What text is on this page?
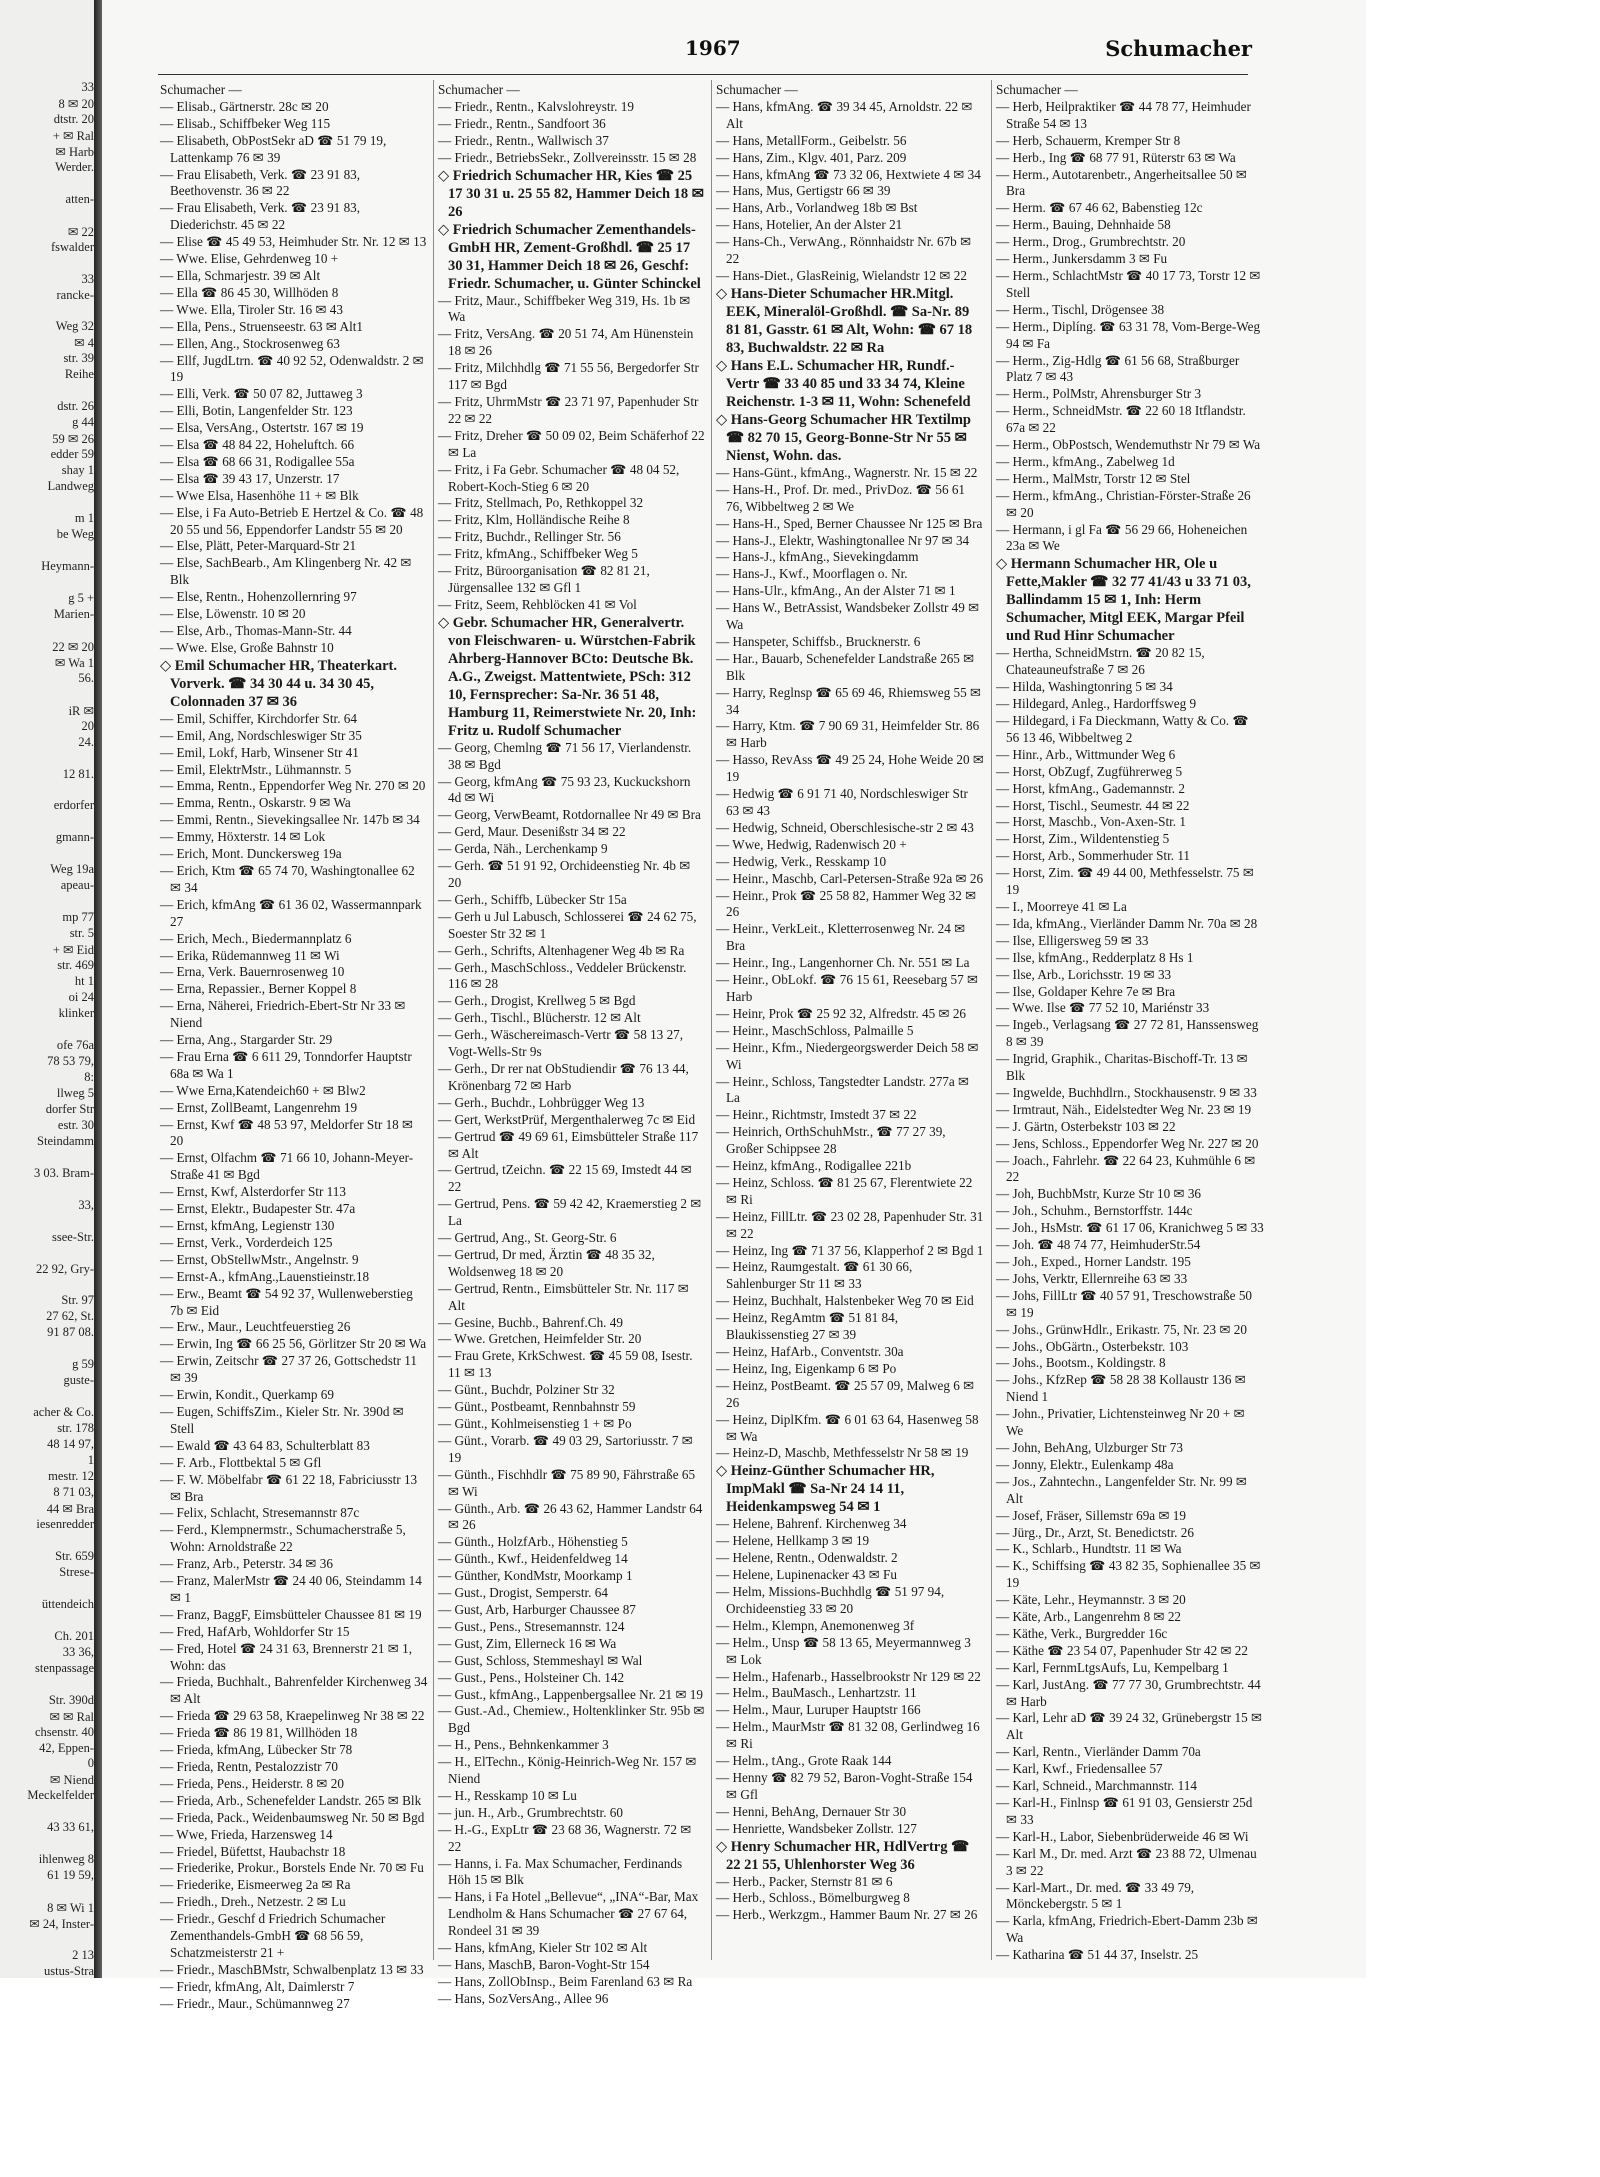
33
8 ✉ 20
dtstr. 20
+ ✉ Ral
✉ Harb
Werder.
atten-
✉ 22
fswalder
33
rancke-
Weg 32
✉ 4
str. 39
Reihe
dstr. 26
g 44
59 ✉ 26
edder 59
shay 1
Landweg
m 1
be Weg
Heymann-
g 5 +
Marien-
22 ✉ 20
✉ Wa 1
56.
iR ✉
20
24.
12 81.
erdorfer
gmann-
Weg 19a
apeau-
mp 77
str. 5
+ ✉ Eid
str. 469
ht 1
oi 24
klinker
ofe 76a
78 53 79,
8:
llweg 5
dorfer Str
estr. 30
Steindamm
3 03. Bram-
33,
ssee-Str.
22 92, Gry-
Str. 97
27 62, St.
91 87 08.
g 59
guste-
acher & Co.
str. 178
48 14 97,
1
mestr. 12
8 71 03,
44 ✉ Bra
iesenredder
Str. 659
Strese-
üttendeich
Ch. 201
33 36,
stenpassage
Str. 390d
✉ ✉ Ral
chsenstr. 40
42, Eppen-
0
✉ Niend
Meckelfelder
43 33 61,
ihlenweg 8
61 19 59,
8 ✉ Wi 1
✉ 24, Inster-
2 13
ustus-Stra
1967	Schumacher

Schumacher —

— Elisab., Gärtnerstr. 28c ✉ 20

— Elisab., Schiffbeker Weg 115

— Elisabeth, ObPostSekr aD ☎ 51 79 19, Lattenkamp 76 ✉ 39

— Frau Elisabeth, Verk. ☎ 23 91 83, Beethovenstr. 36 ✉ 22

— Frau Elisabeth, Verk. ☎ 23 91 83, Diederichstr. 45 ✉ 22

— Elise ☎ 45 49 53, Heimhuder Str. Nr. 12 ✉ 13

— Wwe. Elise, Gehrdenweg 10 +

— Ella, Schmarjestr. 39 ✉ Alt

— Ella ☎ 86 45 30, Willhöden 8

— Wwe. Ella, Tiroler Str. 16 ✉ 43

— Ella, Pens., Struenseestr. 63 ✉ Alt1

— Ellen, Ang., Stockrosenweg 63

— Ellf, JugdLtrn. ☎ 40 92 52, Odenwaldstr. 2 ✉ 19

— Elli, Verk. ☎ 50 07 82, Juttaweg 3

— Elli, Botin, Langenfelder Str. 123

— Elsa, VersAng., Ostertstr. 167 ✉ 19

— Elsa ☎ 48 84 22, Hoheluftch. 66

— Elsa ☎ 68 66 31, Rodigallee 55a

— Elsa ☎ 39 43 17, Unzerstr. 17

— Wwe Elsa, Hasenhöhe 11 + ✉ Blk

— Else, i Fa Auto-Betrieb E Hertzel & Co. ☎ 48 20 55 und 56, Eppendorfer Landstr 55 ✉ 20

— Else, Plätt, Peter-Marquard-Str 21

— Else, SachBearb., Am Klingenberg Nr. 42 ✉ Blk

— Else, Rentn., Hohenzollernring 97

— Else, Löwenstr. 10 ✉ 20

— Else, Arb., Thomas-Mann-Str. 44

— Wwe. Else, Große Bahnstr 10

◇ Emil Schumacher HR, Theaterkart. Vorverk. ☎ 34 30 44 u. 34 30 45, Colonnaden 37 ✉ 36

— Emil, Schiffer, Kirchdorfer Str. 64

— Emil, Ang, Nordschleswiger Str 35

— Emil, Lokf, Harb, Winsener Str 41

— Emil, ElektrMstr., Lühmannstr. 5

— Emma, Rentn., Eppendorfer Weg Nr. 270 ✉ 20

— Emma, Rentn., Oskarstr. 9 ✉ Wa

— Emmi, Rentn., Sievekingsallee Nr. 147b ✉ 34

— Emmy, Höxterstr. 14 ✉ Lok

— Erich, Mont. Dunckersweg 19a

— Erich, Ktm ☎ 65 74 70, Washingtonallee 62 ✉ 34

— Erich, kfmAng ☎ 61 36 02, Wassermannpark 27

— Erich, Mech., Biedermannplatz 6

— Erika, Rüdemannweg 11 ✉ Wi

— Erna, Verk. Bauernrosenweg 10

— Erna, Repassier., Berner Koppel 8

— Erna, Näherei, Friedrich-Ebert-Str Nr 33 ✉ Niend

— Erna, Ang., Stargarder Str. 29

— Frau Erna ☎ 6 611 29, Tonndorfer Hauptstr 68a ✉ Wa 1

— Wwe Erna,Katendeich60 + ✉ Blw2

— Ernst, ZollBeamt, Langenrehm 19

— Ernst, Kwf ☎ 48 53 97, Meldorfer Str 18 ✉ 20

— Ernst, Olfachm ☎ 71 66 10, Johann-Meyer-Straße 41 ✉ Bgd

— Ernst, Kwf, Alsterdorfer Str 113

— Ernst, Elektr., Budapester Str. 47a

— Ernst, kfmAng, Legienstr 130

— Ernst, Verk., Vorderdeich 125

— Ernst, ObStellwMstr., Angelnstr. 9

— Ernst-A., kfmAng.,Lauenstieinstr.18

— Erw., Beamt ☎ 54 92 37, Wullenweberstieg 7b ✉ Eid

— Erw., Maur., Leuchtfeuerstieg 26

— Erwin, Ing ☎ 66 25 56, Görlitzer Str 20 ✉ Wa

— Erwin, Zeitschr ☎ 27 37 26, Gottschedstr 11 ✉ 39

— Erwin, Kondit., Querkamp 69

— Eugen, SchiffsZim., Kieler Str. Nr. 390d ✉ Stell

— Ewald ☎ 43 64 83, Schulterblatt 83

— F. Arb., Flottbektal 5 ✉ Gfl

— F. W. Möbelfabr ☎ 61 22 18, Fabriciusstr 13 ✉ Bra

— Felix, Schlacht, Stresemannstr 87c

— Ferd., Klempnermstr., Schumacherstraße 5, Wohn: Arnoldstraße 22

— Franz, Arb., Peterstr. 34 ✉ 36

— Franz, MalerMstr ☎ 24 40 06, Steindamm 14 ✉ 1

— Franz, BaggF, Eimsbütteler Chaussee 81 ✉ 19

— Fred, HafArb, Wohldorfer Str 15

— Fred, Hotel ☎ 24 31 63, Brennerstr 21 ✉ 1, Wohn: das

— Frieda, Buchhalt., Bahrenfelder Kirchenweg 34 ✉ Alt

— Frieda ☎ 29 63 58, Kraepelinweg Nr 38 ✉ 22

— Frieda ☎ 86 19 81, Willhöden 18

— Frieda, kfmAng, Lübecker Str 78

— Frieda, Rentn, Pestalozzistr 70

— Frieda, Pens., Heiderstr. 8 ✉ 20

— Frieda, Arb., Schenefelder Landstr. 265 ✉ Blk

— Frieda, Pack., Weidenbaumsweg Nr. 50 ✉ Bgd

— Wwe, Frieda, Harzensweg 14

— Friedel, Büfettst, Haubachstr 18

— Friederike, Prokur., Borstels Ende Nr. 70 ✉ Fu

— Friederike, Eismeerweg 2a ✉ Ra

— Friedh., Dreh., Netzestr. 2 ✉ Lu

— Friedr., Geschf d Friedrich Schumacher Zementhandels-GmbH ☎ 68 56 59, Schatzmeisterstr 21 +

— Friedr., MaschBMstr, Schwalbenplatz 13 ✉ 33

— Friedr, kfmAng, Alt, Daimlerstr 7

— Friedr., Maur., Schümannweg 27

Schumacher —

— Friedr., Rentn., Kalvslohreystr. 19

— Friedr., Rentn., Sandfoort 36

— Friedr., Rentn., Wallwisch 37

— Friedr., BetriebsSekr., Zollvereinsstr. 15 ✉ 28

◇ Friedrich Schumacher HR, Kies ☎ 25 17 30 31 u. 25 55 82, Hammer Deich 18 ✉ 26

◇ Friedrich Schumacher Zementhandels- GmbH HR, Zement-Großhdl. ☎ 25 17 30 31, Hammer Deich 18 ✉ 26, Geschf: Friedr. Schumacher, u. Günter Schinckel

— Fritz, Maur., Schiffbeker Weg 319, Hs. 1b ✉ Wa

— Fritz, VersAng. ☎ 20 51 74, Am Hünenstein 18 ✉ 26

— Fritz, Milchhdlg ☎ 71 55 56, Bergedorfer Str 117 ✉ Bgd

— Fritz, UhrmMstr ☎ 23 71 97, Papenhuder Str 22 ✉ 22

— Fritz, Dreher ☎ 50 09 02, Beim Schäferhof 22 ✉ La

— Fritz, i Fa Gebr. Schumacher ☎ 48 04 52, Robert-Koch-Stieg 6 ✉ 20

— Fritz, Stellmach, Po, Rethkoppel 32

— Fritz, Klm, Holländische Reihe 8

— Fritz, Buchdr., Rellinger Str. 56

— Fritz, kfmAng., Schiffbeker Weg 5

— Fritz, Büroorganisation ☎ 82 81 21, Jürgensallee 132 ✉ Gfl 1

— Fritz, Seem, Rehblöcken 41 ✉ Vol

◇ Gebr. Schumacher HR, Generalvertr. von Fleischwaren- u. Würstchen-Fabrik Ahrberg-Hannover BCto: Deutsche Bk. A.G., Zweigst. Mattentwiete, PSch: 312 10, Fernsprecher: Sa-Nr. 36 51 48, Hamburg 11, Reimerstwiete Nr. 20, Inh: Fritz u. Rudolf Schumacher

— Georg, Chemlng ☎ 71 56 17, Vierlandenstr. 38 ✉ Bgd

— Georg, kfmAng ☎ 75 93 23, Kuckuckshorn 4d ✉ Wi

— Georg, VerwBeamt, Rotdornallee Nr 49 ✉ Bra

— Gerd, Maur. Desenißstr 34 ✉ 22

— Gerda, Näh., Lerchenkamp 9

— Gerh. ☎ 51 91 92, Orchideenstieg Nr. 4b ✉ 20

— Gerh., Schiffb, Lübecker Str 15a

— Gerh u Jul Labusch, Schlosserei ☎ 24 62 75, Soester Str 32 ✉ 1

— Gerh., Schrifts, Altenhagener Weg 4b ✉ Ra

— Gerh., MaschSchloss., Veddeler Brückenstr. 116 ✉ 28

— Gerh., Drogist, Krellweg 5 ✉ Bgd

— Gerh., Tischl., Blücherstr. 12 ✉ Alt

— Gerh., Wäschereimasch-Vertr ☎ 58 13 27, Vogt-Wells-Str 9s

— Gerh., Dr rer nat ObStudiendir ☎ 76 13 44, Krönenbarg 72 ✉ Harb

— Gerh., Buchdr., Lohbrügger Weg 13

— Gert, WerkstPrüf, Mergenthalerweg 7c ✉ Eid

— Gertrud ☎ 49 69 61, Eimsbütteler Straße 117 ✉ Alt

— Gertrud, tZeichn. ☎ 22 15 69, Imstedt 44 ✉ 22

— Gertrud, Pens. ☎ 59 42 42, Kraemerstieg 2 ✉ La

— Gertrud, Ang., St. Georg-Str. 6

— Gertrud, Dr med, Ärztin ☎ 48 35 32, Woldsenweg 18 ✉ 20

— Gertrud, Rentn., Eimsbütteler Str. Nr. 117 ✉ Alt

— Gesine, Buchb., Bahrenf.Ch. 49

— Wwe. Gretchen, Heimfelder Str. 20

— Frau Grete, KrkSchwest. ☎ 45 59 08, Isestr. 11 ✉ 13

— Günt., Buchdr, Polziner Str 32

— Günt., Postbeamt, Rennbahnstr 59

— Günt., Kohlmeisenstieg 1 + ✉ Po

— Günt., Vorarb. ☎ 49 03 29, Sartoriusstr. 7 ✉ 19

— Günth., Fischhdlr ☎ 75 89 90, Fährstraße 65 ✉ Wi

— Günth., Arb. ☎ 26 43 62, Hammer Landstr 64 ✉ 26

— Günth., HolzfArb., Höhenstieg 5

— Günth., Kwf., Heidenfeldweg 14

— Günther, KondMstr, Moorkamp 1

— Gust., Drogist, Semperstr. 64

— Gust, Arb, Harburger Chaussee 87

— Gust., Pens., Stresemannstr. 124

— Gust, Zim, Ellerneck 16 ✉ Wa

— Gust, Schloss, Stemmeshayl ✉ Wal

— Gust., Pens., Holsteiner Ch. 142

— Gust., kfmAng., Lappenbergsallee Nr. 21 ✉ 19

— Gust.-Ad., Chemiew., Holtenklinker Str. 95b ✉ Bgd

— H., Pens., Behnkenkammer 3

— H., ElTechn., König-Heinrich-Weg Nr. 157 ✉ Niend

— H., Resskamp 10 ✉ Lu

— jun. H., Arb., Grumbrechtstr. 60

— H.-G., ExpLtr ☎ 23 68 36, Wagnerstr. 72 ✉ 22

— Hanns, i. Fa. Max Schumacher, Ferdinands Höh 15 ✉ Blk

— Hans, i Fa Hotel „Bellevue“, „INA“-Bar, Max Lendholm & Hans Schumacher ☎ 27 67 64, Rondeel 31 ✉ 39

— Hans, kfmAng, Kieler Str 102 ✉ Alt

— Hans, MaschB, Baron-Voght-Str 154

— Hans, ZollObInsp., Beim Farenland 63 ✉ Ra

— Hans, SozVersAng., Allee 96

Schumacher —

— Hans, kfmAng. ☎ 39 34 45, Arnoldstr. 22 ✉ Alt

— Hans, MetallForm., Geibelstr. 56

— Hans, Zim., Klgv. 401, Parz. 209

— Hans, kfmAng ☎ 73 32 06, Hextwiete 4 ✉ 34

— Hans, Mus, Gertigstr 66 ✉ 39

— Hans, Arb., Vorlandweg 18b ✉ Bst

— Hans, Hotelier, An der Alster 21

— Hans-Ch., VerwAng., Rönnhaidstr Nr. 67b ✉ 22

— Hans-Diet., GlasReinig, Wielandstr 12 ✉ 22

◇ Hans-Dieter Schumacher HR.Mitgl. EEK, Mineralöl-Großhdl. ☎ Sa-Nr. 89 81 81, Gasstr. 61 ✉ Alt, Wohn: ☎ 67 18 83, Buchwaldstr. 22 ✉ Ra

◇ Hans E.L. Schumacher HR, Rundf.-Vertr ☎ 33 40 85 und 33 34 74, Kleine Reichenstr. 1-3 ✉ 11, Wohn: Schenefeld

◇ Hans-Georg Schumacher HR Textilmp ☎ 82 70 15, Georg-Bonne-Str Nr 55 ✉ Nienst, Wohn. das.

— Hans-Günt., kfmAng., Wagnerstr. Nr. 15 ✉ 22

— Hans-H., Prof. Dr. med., PrivDoz. ☎ 56 61 76, Wibbeltweg 2 ✉ We

— Hans-H., Sped, Berner Chaussee Nr 125 ✉ Bra

— Hans-J., Elektr, Washingtonallee Nr 97 ✉ 34

— Hans-J., kfmAng., Sievekingdamm

— Hans-J., Kwf., Moorflagen o. Nr.

— Hans-Ulr., kfmAng., An der Alster 71 ✉ 1

— Hans W., BetrAssist, Wandsbeker Zollstr 49 ✉ Wa

— Hanspeter, Schiffsb., Brucknerstr. 6

— Har., Bauarb, Schenefelder Landstraße 265 ✉ Blk

— Harry, Reglnsp ☎ 65 69 46, Rhiemsweg 55 ✉ 34

— Harry, Ktm. ☎ 7 90 69 31, Heimfelder Str. 86 ✉ Harb

— Hasso, RevAss ☎ 49 25 24, Hohe Weide 20 ✉ 19

— Hedwig ☎ 6 91 71 40, Nordschleswiger Str 63 ✉ 43

— Hedwig, Schneid, Oberschlesische-str 2 ✉ 43

— Wwe, Hedwig, Radenwisch 20 +

— Hedwig, Verk., Resskamp 10

— Heinr., Maschb, Carl-Petersen-Straße 92a ✉ 26

— Heinr., Prok ☎ 25 58 82, Hammer Weg 32 ✉ 26

— Heinr., VerkLeit., Kletterrosenweg Nr. 24 ✉ Bra

— Heinr., Ing., Langenhorner Ch. Nr. 551 ✉ La

— Heinr., ObLokf. ☎ 76 15 61, Reesebarg 57 ✉ Harb

— Heinr, Prok ☎ 25 92 32, Alfredstr. 45 ✉ 26

— Heinr., MaschSchloss, Palmaille 5

— Heinr., Kfm., Niedergeorgswerder Deich 58 ✉ Wi

— Heinr., Schloss, Tangstedter Landstr. 277a ✉ La

— Heinr., Richtmstr, Imstedt 37 ✉ 22

— Heinrich, OrthSchuhMstr., ☎ 77 27 39, Großer Schippsee 28

— Heinz, kfmAng., Rodigallee 221b

— Heinz, Schloss. ☎ 81 25 67, Flerentwiete 22 ✉ Ri

— Heinz, FillLtr. ☎ 23 02 28, Papenhuder Str. 31 ✉ 22

— Heinz, Ing ☎ 71 37 56, Klapperhof 2 ✉ Bgd 1

— Heinz, Raumgestalt. ☎ 61 30 66, Sahlenburger Str 11 ✉ 33

— Heinz, Buchhalt, Halstenbeker Weg 70 ✉ Eid

— Heinz, RegAmtm ☎ 51 81 84, Blaukissenstieg 27 ✉ 39

— Heinz, HafArb., Conventstr. 30a

— Heinz, Ing, Eigenkamp 6 ✉ Po

— Heinz, PostBeamt. ☎ 25 57 09, Malweg 6 ✉ 26

— Heinz, DiplKfm. ☎ 6 01 63 64, Hasenweg 58 ✉ Wa

— Heinz-D, Maschb, Methfesselstr Nr 58 ✉ 19

◇ Heinz-Günther Schumacher HR, ImpMakl ☎ Sa-Nr 24 14 11, Heidenkampsweg 54 ✉ 1

— Helene, Bahrenf. Kirchenweg 34

— Helene, Hellkamp 3 ✉ 19

— Helene, Rentn., Odenwaldstr. 2

— Helene, Lupinenacker 43 ✉ Fu

— Helm, Missions-Buchhdlg ☎ 51 97 94, Orchideenstieg 33 ✉ 20

— Helm., Klempn, Anemonenweg 3f

— Helm., Unsp ☎ 58 13 65, Meyermannweg 3 ✉ Lok

— Helm., Hafenarb., Hasselbrookstr Nr 129 ✉ 22

— Helm., BauMasch., Lenhartzstr. 11

— Helm., Maur, Luruper Hauptstr 166

— Helm., MaurMstr ☎ 81 32 08, Gerlindweg 16 ✉ Ri

— Helm., tAng., Grote Raak 144

— Henny ☎ 82 79 52, Baron-Voght-Straße 154 ✉ Gfl

— Henni, BehAng, Dernauer Str 30

— Henriette, Wandsbeker Zollstr. 127

◇ Henry Schumacher HR, HdlVertrg ☎ 22 21 55, Uhlenhorster Weg 36

— Herb., Packer, Sternstr 81 ✉ 6

— Herb., Schloss., Bömelburgweg 8

— Herb., Werkzgm., Hammer Baum Nr. 27 ✉ 26

Schumacher —

— Herb, Heilpraktiker ☎ 44 78 77, Heimhuder Straße 54 ✉ 13

— Herb, Schauerm, Kremper Str 8

— Herb., Ing ☎ 68 77 91, Rüterstr 63 ✉ Wa

— Herm., Autotarenbetr., Angerheitsallee 50 ✉ Bra

— Herm. ☎ 67 46 62, Babenstieg 12c

— Herm., Bauing, Dehnhaide 58

— Herm., Drog., Grumbrechtstr. 20

— Herm., Junkersdamm 3 ✉ Fu

— Herm., SchlachtMstr ☎ 40 17 73, Torstr 12 ✉ Stell

— Herm., Tischl, Drögensee 38

— Herm., Diplíng. ☎ 63 31 78, Vom-Berge-Weg 94 ✉ Fa

— Herm., Zig-Hdlg ☎ 61 56 68, Straßburger Platz 7 ✉ 43

— Herm., PolMstr, Ahrensburger Str 3

— Herm., SchneidMstr. ☎ 22 60 18 Itflandstr. 67a ✉ 22

— Herm., ObPostsch, Wendemuthstr Nr 79 ✉ Wa

— Herm., kfmAng., Zabelweg 1d

— Herm., MalMstr, Torstr 12 ✉ Stel

— Herm., kfmAng., Christian-Förster-Straße 26 ✉ 20

— Hermann, i gl Fa ☎ 56 29 66, Hoheneichen 23a ✉ We

◇ Hermann Schumacher HR, Ole u Fette,Makler ☎ 32 77 41/43 u 33 71 03, Ballindamm 15 ✉ 1, Inh: Herm Schumacher, Mitgl EEK, Margar Pfeil und Rud Hinr Schumacher

— Hertha, SchneidMstrn. ☎ 20 82 15, Chateauneufstraße 7 ✉ 26

— Hilda, Washingtonring 5 ✉ 34

— Hildegard, Anleg., Hardorffsweg 9

— Hildegard, i Fa Dieckmann, Watty & Co. ☎ 56 13 46, Wibbeltweg 2

— Hinr., Arb., Wittmunder Weg 6

— Horst, ObZugf, Zugführerweg 5

— Horst, kfmAng., Gademannstr. 2

— Horst, Tischl., Seumestr. 44 ✉ 22

— Horst, Maschb., Von-Axen-Str. 1

— Horst, Zim., Wildentenstieg 5

— Horst, Arb., Sommerhuder Str. 11

— Horst, Zim. ☎ 49 44 00, Methfesselstr. 75 ✉ 19

— I., Moorreye 41 ✉ La

— Ida, kfmAng., Vierländer Damm Nr. 70a ✉ 28

— Ilse, Elligersweg 59 ✉ 33

— Ilse, kfmAng., Redderplatz 8 Hs 1

— Ilse, Arb., Lorichsstr. 19 ✉ 33

— Ilse, Goldaper Kehre 7e ✉ Bra

— Wwe. Ilse ☎ 77 52 10, Mariénstr 33

— Ingeb., Verlagsang ☎ 27 72 81, Hanssensweg 8 ✉ 39

— Ingrid, Graphik., Charitas-Bischoff-Tr. 13 ✉ Blk

— Ingwelde, Buchhdlrn., Stockhausenstr. 9 ✉ 33

— Irmtraut, Näh., Eidelstedter Weg Nr. 23 ✉ 19

— J. Gärtn, Osterbekstr 103 ✉ 22

— Jens, Schloss., Eppendorfer Weg Nr. 227 ✉ 20

— Joach., Fahrlehr. ☎ 22 64 23, Kuhmühle 6 ✉ 22

— Joh, BuchbMstr, Kurze Str 10 ✉ 36

— Joh., Schuhm., Bernstorffstr. 144c

— Joh., HsMstr. ☎ 61 17 06, Kranichweg 5 ✉ 33

— Joh. ☎ 48 74 77, HeimhuderStr.54

— Joh., Exped., Horner Landstr. 195

— Johs, Verktr, Ellernreihe 63 ✉ 33

— Johs, FillLtr ☎ 40 57 91, Treschowstraße 50 ✉ 19

— Johs., GrünwHdlr., Erikastr. 75, Nr. 23 ✉ 20

— Johs., ObGärtn., Osterbekstr. 103

— Johs., Bootsm., Koldingstr. 8

— Johs., KfzRep ☎ 58 28 38 Kollaustr 136 ✉ Niend 1

— John., Privatier, Lichtensteinweg Nr 20 + ✉ We

— John, BehAng, Ulzburger Str 73

— Jonny, Elektr., Eulenkamp 48a

— Jos., Zahntechn., Langenfelder Str. Nr. 99 ✉ Alt

— Josef, Fräser, Sillemstr 69a ✉ 19

— Jürg., Dr., Arzt, St. Benedictstr. 26

— K., Schlarb., Hundtstr. 11 ✉ Wa

— K., Schiffsing ☎ 43 82 35, Sophienallee 35 ✉ 19

— Käte, Lehr., Heymannstr. 3 ✉ 20

— Käte, Arb., Langenrehm 8 ✉ 22

— Käthe, Verk., Burgredder 16c

— Käthe ☎ 23 54 07, Papenhuder Str 42 ✉ 22

— Karl, FernmLtgsAufs, Lu, Kempelbarg 1

— Karl, JustAng. ☎ 77 77 30, Grumbrechtstr. 44 ✉ Harb

— Karl, Lehr aD ☎ 39 24 32, Grünebergstr 15 ✉ Alt

— Karl, Rentn., Vierländer Damm 70a

— Karl, Kwf., Friedensallee 57

— Karl, Schneid., Marchmannstr. 114

— Karl-H., Finlnsp ☎ 61 91 03, Gensierstr 25d ✉ 33

— Karl-H., Labor, Siebenbrüderweide 46 ✉ Wi

— Karl M., Dr. med. Arzt ☎ 23 88 72, Ulmenau 3 ✉ 22

— Karl-Mart., Dr. med. ☎ 33 49 79, Mönckebergstr. 5 ✉ 1

— Karla, kfmAng, Friedrich-Ebert-Damm 23b ✉ Wa

— Katharina ☎ 51 44 37, Inselstr. 25
